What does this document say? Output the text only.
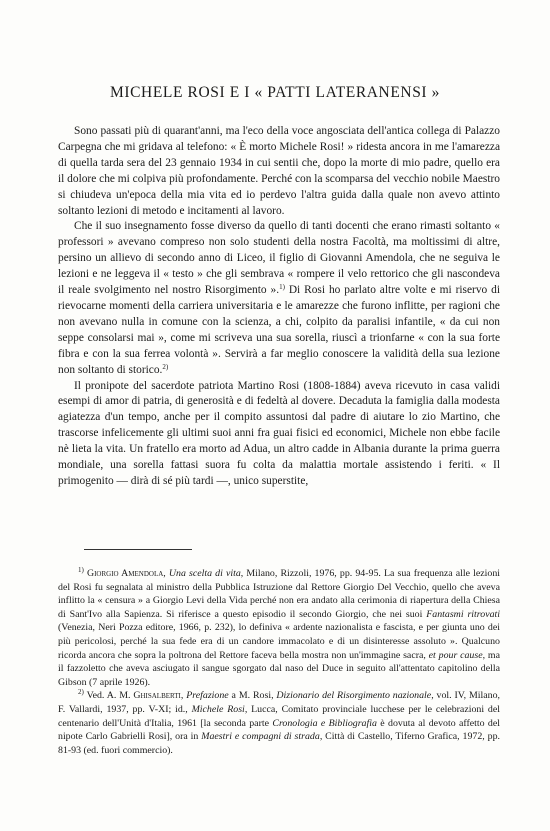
MICHELE ROSI E I « PATTI LATERANENSI »

Sono passati più di quarant'anni, ma l'eco della voce angosciata dell'antica collega di Palazzo Carpegna che mi gridava al telefono: « È morto Michele Rosi! » ridesta ancora in me l'amarezza di quella tarda sera del 23 gennaio 1934 in cui sentii che, dopo la morte di mio padre, quello era il dolore che mi colpiva più profondamente. Perché con la scomparsa del vecchio nobile Maestro si chiudeva un'epoca della mia vita ed io perdevo l'altra guida dalla quale non avevo attinto soltanto lezioni di metodo e incitamenti al lavoro.

Che il suo insegnamento fosse diverso da quello di tanti docenti che erano rimasti soltanto « professori » avevano compreso non solo studenti della nostra Facoltà, ma moltissimi di altre, persino un allievo di secondo anno di Liceo, il figlio di Giovanni Amendola, che ne seguiva le lezioni e ne leggeva il « testo » che gli sembrava « rompere il velo rettorico che gli nascondeva il reale svolgimento nel nostro Risorgimento ».$^{1)}$ Di Rosi ho parlato altre volte e mi riservo di rievocarne momenti della carriera universitaria e le amarezze che furono inflitte, per ragioni che non avevano nulla in comune con la scienza, a chi, colpito da paralisi infantile, « da cui non seppe consolarsi mai », come mi scriveva una sua sorella, riuscì a trionfarne « con la sua forte fibra e con la sua ferrea volontà ». Servirà a far meglio conoscere la validità della sua lezione non soltanto di storico.$^{2)}$

Il pronipote del sacerdote patriota Martino Rosi (1808-1884) aveva ricevuto in casa validi esempi di amor di patria, di generosità e di fedeltà al dovere. Decaduta la famiglia dalla modesta agiatezza d'un tempo, anche per il compito assuntosi dal padre di aiutare lo zio Martino, che trascorse infelicemente gli ultimi suoi anni fra guai fisici ed economici, Michele non ebbe facile nè lieta la vita. Un fratello era morto ad Adua, un altro cadde in Albania durante la prima guerra mondiale, una sorella fattasi suora fu colta da malattia mortale assistendo i feriti. « Il primogenito — dirà di sé più tardi —, unico superstite,

$^{1)}$ Giorgio Amendola, Una scelta di vita, Milano, Rizzoli, 1976, pp. 94-95. La sua frequenza alle lezioni del Rosi fu segnalata al ministro della Pubblica Istruzione dal Rettore Giorgio Del Vecchio, quello che aveva inflitto la « censura » a Giorgio Levi della Vida perché non era andato alla cerimonia di riapertura della Chiesa di Sant'Ivo alla Sapienza. Si riferisce a questo episodio il secondo Giorgio, che nei suoi Fantasmi ritrovati (Venezia, Neri Pozza editore, 1966, p. 232), lo definiva « ardente nazionalista e fascista, e per giunta uno dei più pericolosi, perché la sua fede era di un candore immacolato e di un disinteresse assoluto ». Qualcuno ricorda ancora che sopra la poltrona del Rettore faceva bella mostra non un'immagine sacra, et pour cause, ma il fazzoletto che aveva asciugato il sangue sgorgato dal naso del Duce in seguito all'attentato capitolino della Gibson (7 aprile 1926).

$^{2)}$ Ved. A. M. Ghisalberti, Prefazione a M. Rosi, Dizionario del Risorgimento nazionale, vol. IV, Milano, F. Vallardi, 1937, pp. V-XI; id., Michele Rosi, Lucca, Comitato provinciale lucchese per le celebrazioni del centenario dell'Unità d'Italia, 1961 [la seconda parte Cronologia e Bibliografia è dovuta al devoto affetto del nipote Carlo Gabrielli Rosi], ora in Maestri e compagni di strada, Città di Castello, Tiferno Grafica, 1972, pp. 81-93 (ed. fuori commercio).
